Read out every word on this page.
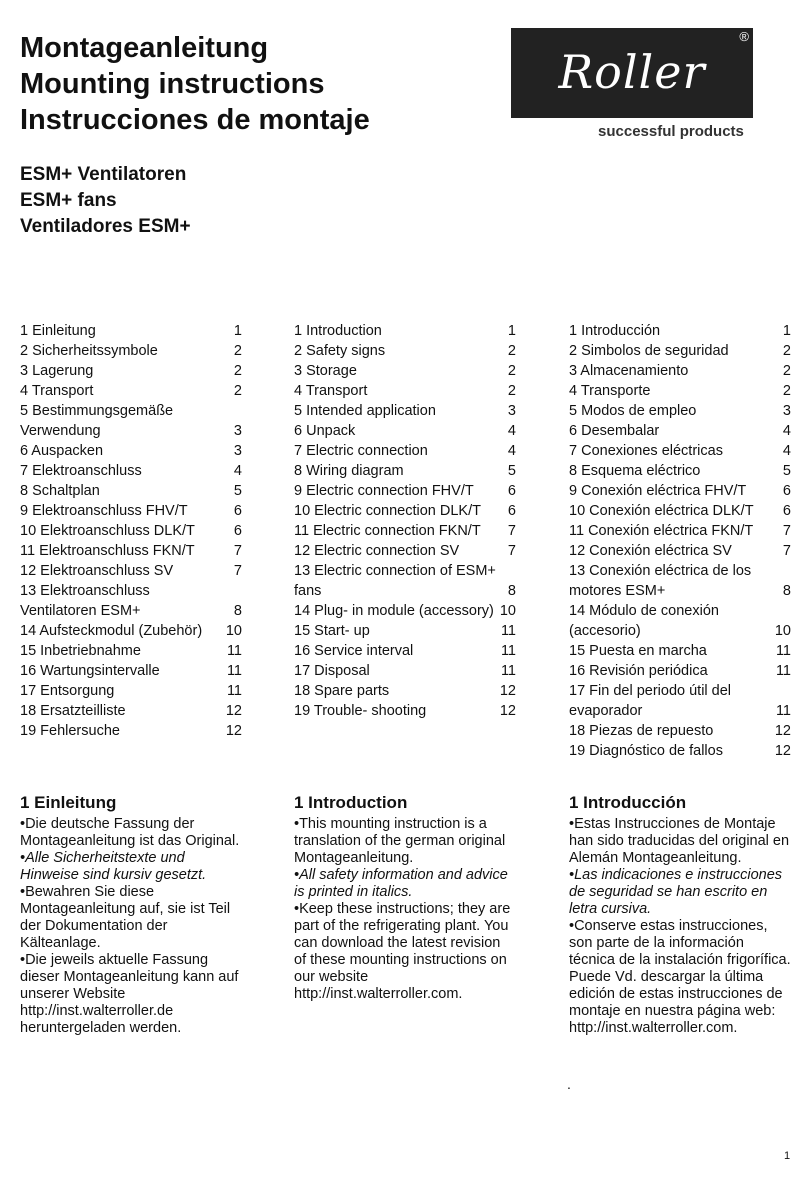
Montageanleitung
Mounting instructions
Instrucciones de montaje
ESM+ Ventilatoren
ESM+ fans
Ventiladores ESM+
®
Roller
successful products
1 Einleitung	1
2 Sicherheitssymbole	2
3 Lagerung	2
4 Transport	2
5 Bestimmungsgemäße Verwendung	3
6 Auspacken	3
7 Elektroanschluss	4
8 Schaltplan	5
9 Elektroanschluss FHV/T	6
10 Elektroanschluss DLK/T	6
11 Elektroanschluss FKN/T	7
12 Elektroanschluss SV	7
13 Elektroanschluss Ventilatoren ESM+	8
14 Aufsteckmodul (Zubehör)	10
15 Inbetriebnahme	11
16 Wartungsintervalle	11
17 Entsorgung	11
18 Ersatzteilliste	12
19 Fehlersuche	12
1 Introduction	1
2 Safety signs	2
3 Storage	2
4 Transport	2
5 Intended application	3
6 Unpack	4
7 Electric connection	4
8 Wiring diagram	5
9 Electric connection FHV/T	6
10 Electric connection DLK/T	6
11 Electric connection FKN/T	7
12 Electric connection SV	7
13 Electric connection of ESM+ fans	8
14 Plug- in module (accessory) 10
15 Start- up	11
16 Service interval	11
17 Disposal	11
18 Spare parts	12
19 Trouble- shooting	12
1 Introducción	1
2 Simbolos de seguridad	2
3 Almacenamiento	2
4 Transporte	2
5 Modos de empleo	3
6 Desembalar	4
7 Conexiones eléctricas	4
8 Esquema eléctrico	5
9 Conexión eléctrica FHV/T	6
10 Conexión eléctrica DLK/T	6
11 Conexión eléctrica FKN/T	7
12 Conexión eléctrica SV	7
13 Conexión eléctrica de los motores ESM+	8
14 Módulo de conexión (accesorio)	10
15 Puesta en marcha	11
16 Revisión periódica	11
17 Fin del periodo útil del evaporador	11
18 Piezas de repuesto	12
19 Diagnóstico de fallos	12
1 Einleitung

•Die deutsche Fassung der Montageanleitung ist das Original.

•Alle Sicherheitstexte und Hinweise sind kursiv gesetzt.

•Bewahren Sie diese Montageanleitung auf, sie ist Teil der Dokumentation der Kälteanlage.

•Die jeweils aktuelle Fassung dieser Montageanleitung kann auf unserer Website http://inst.walterroller.de heruntergeladen werden.

1 Introduction

•This mounting instruction is a translation of the german original Montageanleitung.

•All safety information and advice is printed in italics.

•Keep these instructions; they are part of the refrigerating plant. You can download the latest revision of these mounting instructions on our website http://inst.walterroller.com.

1 Introducción

•Estas Instrucciones de Montaje han sido traducidas del original en Alemán Montageanleitung.

•Las indicaciones e instrucciones de seguridad se han escrito en letra cursiva.

•Conserve estas instrucciones, son parte de la información técnica de la instalación frigorífica.

Puede Vd. descargar la última edición de estas instrucciones de montaje en nuestra página web: http://inst.walterroller.com.

.
1
